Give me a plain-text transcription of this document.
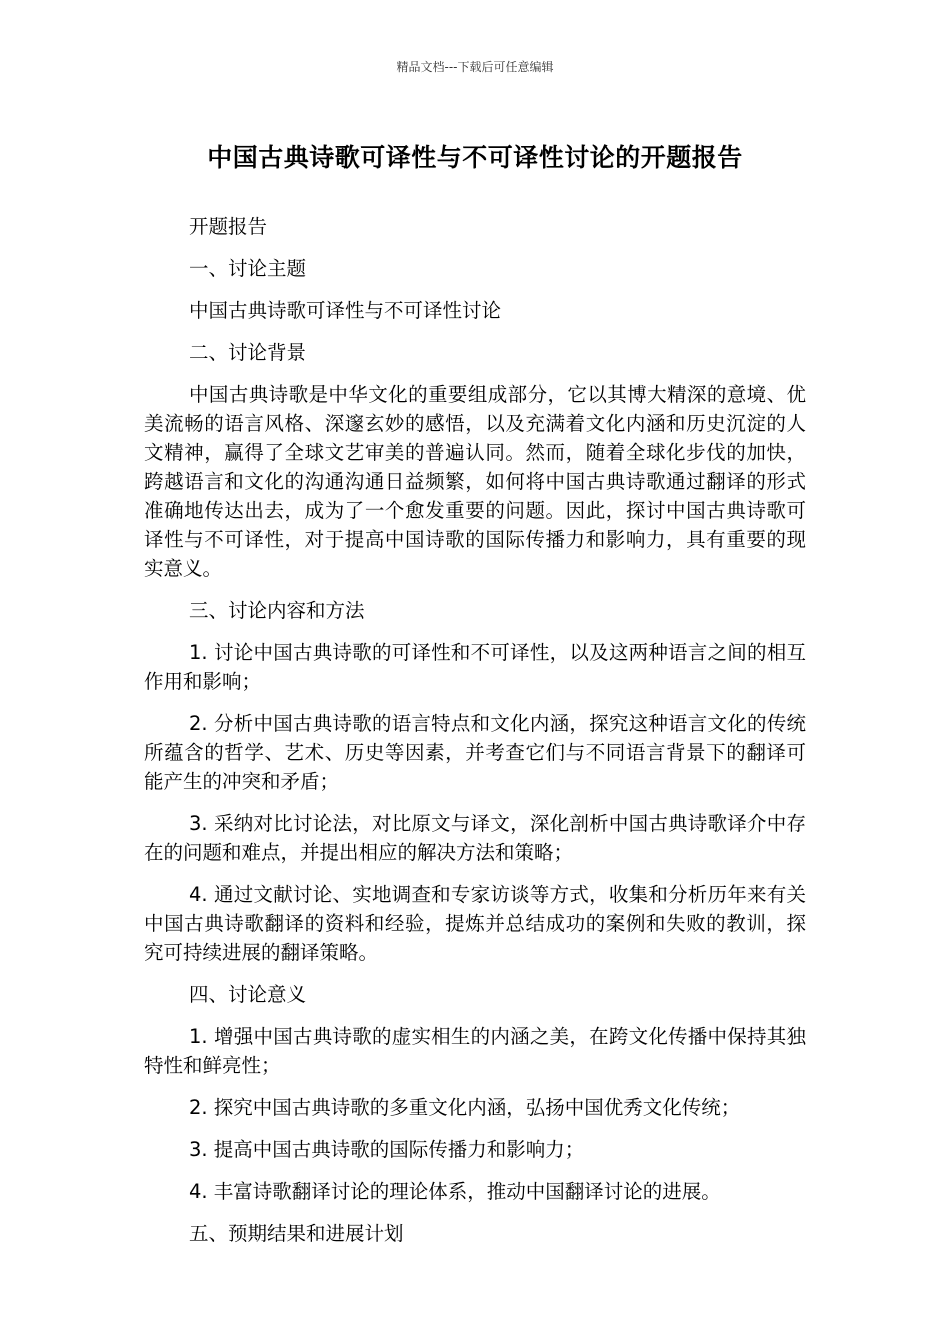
精品文档---下载后可任意编辑
中国古典诗歌可译性与不可译性讨论的开题报告

开题报告

一、讨论主题

中国古典诗歌可译性与不可译性讨论

二、讨论背景

中国古典诗歌是中华文化的重要组成部分，它以其博大精深的意境、优美流畅的语言风格、深邃玄妙的感悟，以及充满着文化内涵和历史沉淀的人文精神，赢得了全球文艺审美的普遍认同。然而，随着全球化步伐的加快，跨越语言和文化的沟通沟通日益频繁，如何将中国古典诗歌通过翻译的形式准确地传达出去，成为了一个愈发重要的问题。因此，探讨中国古典诗歌可译性与不可译性，对于提高中国诗歌的国际传播力和影响力，具有重要的现实意义。

三、讨论内容和方法

1. 讨论中国古典诗歌的可译性和不可译性，以及这两种语言之间的相互作用和影响；

2. 分析中国古典诗歌的语言特点和文化内涵，探究这种语言文化的传统所蕴含的哲学、艺术、历史等因素，并考查它们与不同语言背景下的翻译可能产生的冲突和矛盾；

3. 采纳对比讨论法，对比原文与译文，深化剖析中国古典诗歌译介中存在的问题和难点，并提出相应的解决方法和策略；

4. 通过文献讨论、实地调查和专家访谈等方式，收集和分析历年来有关中国古典诗歌翻译的资料和经验，提炼并总结成功的案例和失败的教训，探究可持续进展的翻译策略。

四、讨论意义

1. 增强中国古典诗歌的虚实相生的内涵之美，在跨文化传播中保持其独特性和鲜亮性；

2. 探究中国古典诗歌的多重文化内涵，弘扬中国优秀文化传统；

3. 提高中国古典诗歌的国际传播力和影响力；

4. 丰富诗歌翻译讨论的理论体系，推动中国翻译讨论的进展。

五、预期结果和进展计划
